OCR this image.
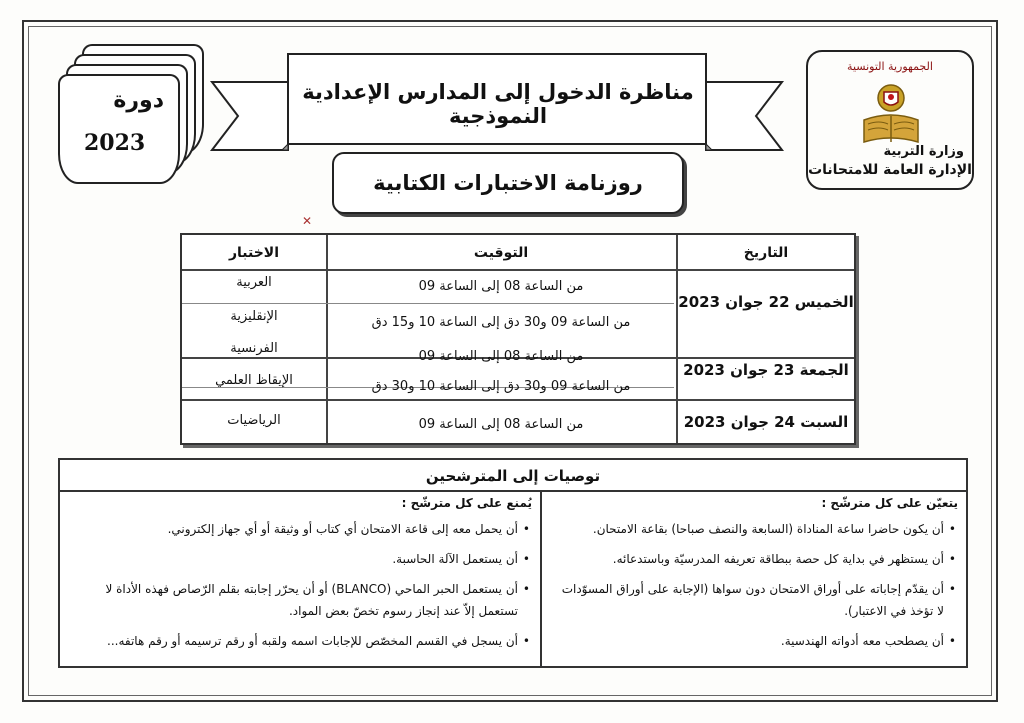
الجمهورية التونسية
وزارة التربية
الإدارة العامة للامتحانات
دورة
2023
مناظرة الدخول إلى المدارس الإعدادية النموذجية
روزنامة الاختبارات الكتابية
✕
التاريخ
التوقيت
الاختبار
الخميس 22 جوان 2023
من الساعة 08 إلى الساعة 09
العربية
من الساعة 09 و30 دق إلى الساعة 10 و15 دق
الإنقليزية
الجمعة 23 جوان 2023
من الساعة 08 إلى الساعة 09
الفرنسية
من الساعة 09 و30 دق إلى الساعة 10 و30 دق
الإيقاظ العلمي
السبت 24 جوان 2023
من الساعة 08 إلى الساعة 09
الرياضيات
توصيات إلى المترشحين
يتعيّن على كل مترشّح :
• أن يكون حاضرا ساعة المناداة (السابعة والنصف صباحا) بقاعة الامتحان.
• أن يستظهر في بداية كل حصة ببطاقة تعريفه المدرسيّة وباستدعائه.
• أن يقدّم إجاباته على أوراق الامتحان دون سواها (الإجابة على أوراق المسوّدات
لا تؤخذ في الاعتبار).
• أن يصطحب معه أدواته الهندسية.
يُمنع على كل مترشّح :
• أن يحمل معه إلى قاعة الامتحان أي كتاب أو وثيقة أو أي جهاز إلكتروني.
• أن يستعمل الآلة الحاسبة.
• أن يستعمل الحبر الماحي (BLANCO) أو أن يحرّر إجابته بقلم الرّصاص فهذه الأداة لا
تستعمل إلاّ عند إنجاز رسوم تخصّ بعض المواد.
• أن يسجل في القسم المخصّص للإجابات اسمه ولقبه أو رقم ترسيمه أو رقم هاتفه...
